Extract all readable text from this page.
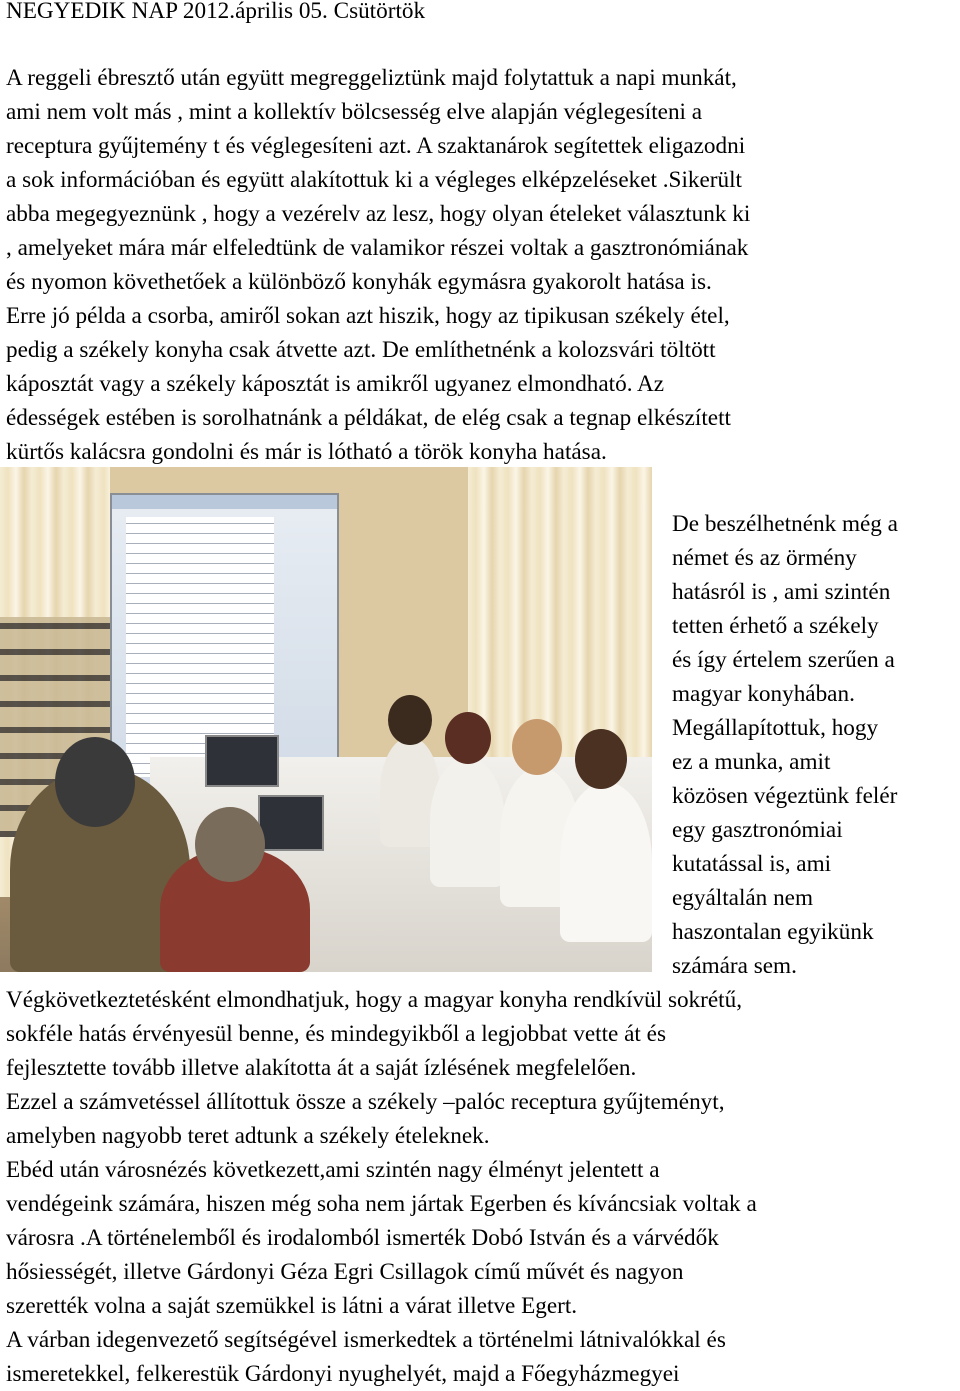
NEGYEDIK NAP 2012.április 05. Csütörtök
A reggeli ébresztő után együtt megreggeliztünk majd folytattuk a napi munkát,
ami nem volt más , mint a kollektív bölcsesség elve alapján véglegesíteni a
receptura gyűjtemény t és véglegesíteni azt. A szaktanárok segítettek eligazodni
a sok információban és együtt alakítottuk ki a végleges elképzeléseket .Sikerült
abba megegyeznünk , hogy a vezérelv az lesz, hogy olyan ételeket választunk ki
, amelyeket mára már elfeledtünk de valamikor részei voltak a gasztronómiának
és nyomon követhetőek a különböző konyhák egymásra gyakorolt hatása is.
Erre jó példa a csorba, amiről sokan azt hiszik, hogy az tipikusan székely étel,
pedig a székely konyha csak átvette azt. De említhetnénk a kolozsvári töltött
káposztát vagy a székely káposztát is amikről ugyanez elmondható. Az
édességek estében is sorolhatnánk a példákat, de elég csak a tegnap elkészített
kürtős kalácsra gondolni és már is lótható a török konyha hatása.
De beszélhetnénk még a
német és az örmény
hatásról is , ami szintén
tetten érhető a székely
és így értelem szerűen a
magyar konyhában.
Megállapítottuk, hogy
ez a munka, amit
közösen végeztünk felér
egy gasztronómiai
kutatással is, ami
egyáltalán nem
haszontalan egyikünk
számára sem.
Végkövetkeztetésként elmondhatjuk, hogy a magyar konyha rendkívül sokrétű,
sokféle hatás érvényesül benne, és mindegyikből a legjobbat vette át és
fejlesztette tovább illetve alakította át a saját ízlésének megfelelően.
Ezzel a számvetéssel állítottuk össze a székely –palóc receptura gyűjteményt,
amelyben nagyobb teret adtunk a székely ételeknek.
Ebéd után városnézés következett,ami szintén nagy élményt jelentett a
vendégeink számára, hiszen még soha nem jártak Egerben és kíváncsiak voltak a
városra .A történelemből és irodalomból ismerték Dobó István és a várvédők
hősiességét, illetve Gárdonyi Géza Egri Csillagok című művét és nagyon
szerették volna a saját szemükkel is látni a várat illetve Egert.
A várban idegenvezető segítségével ismerkedtek a történelmi látnivalókkal és
ismeretekkel, felkerestük Gárdonyi nyughelyét, majd a Főegyházmegyei
